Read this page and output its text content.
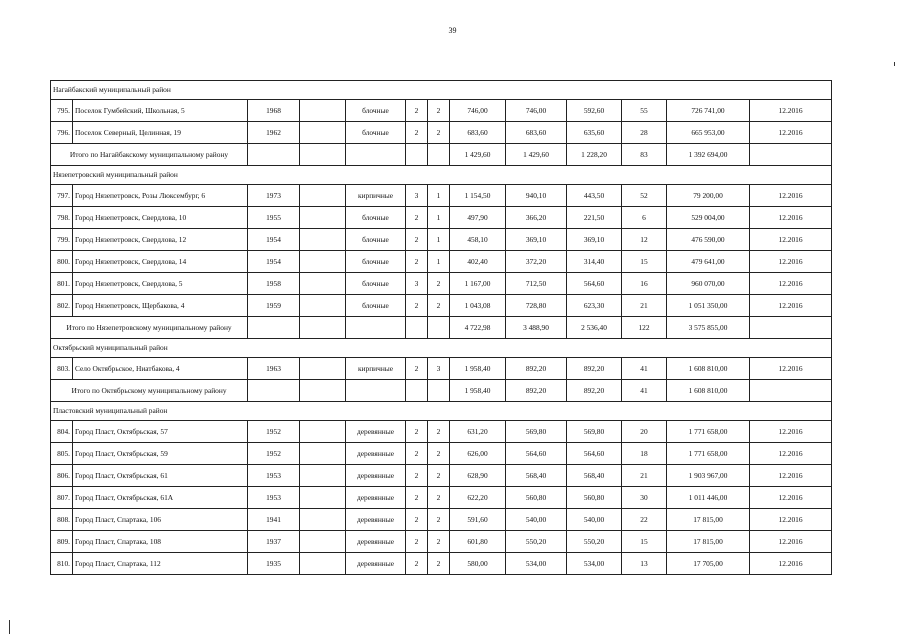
39
Нагайбакский муниципальный район												
795.	Поселок Гумбейский, Школьная, 5	1968		блочные	2	2	746,00	746,00	592,60	55	726 741,00	12.2016
796.	Поселок Северный, Целинная, 19	1962		блочные	2	2	683,60	683,60	635,60	28	665 953,00	12.2016
Итого по Нагайбакскому муниципальному району							1 429,60	1 429,60	1 228,20	83	1 392 694,00	
Нязепетровский муниципальный район												
797.	Город Нязепетровск, Розы Люксембург, 6	1973		кирпичные	3	1	1 154,50	940,10	443,50	52	79 200,00	12.2016
798.	Город Нязепетровск, Свердлова, 10	1955		блочные	2	1	497,90	366,20	221,50	6	529 004,00	12.2016
799.	Город Нязепетровск, Свердлова, 12	1954		блочные	2	1	458,10	369,10	369,10	12	476 590,00	12.2016
800.	Город Нязепетровск, Свердлова, 14	1954		блочные	2	1	402,40	372,20	314,40	15	479 641,00	12.2016
801.	Город Нязепетровск, Свердлова, 5	1958		блочные	3	2	1 167,00	712,50	564,60	16	960 070,00	12.2016
802.	Город Нязепетровск, Щербакова, 4	1959		блочные	2	2	1 043,08	728,80	623,30	21	1 051 350,00	12.2016
Итого по Нязепетровскому муниципальному району							4 722,98	3 488,90	2 536,40	122	3 575 855,00	
Октябрьский муниципальный район												
803.	Село Октябрьское, Ниатбакова, 4	1963		кирпичные	2	3	1 958,40	892,20	892,20	41	1 608 810,00	12.2016
Итого по Октябрьскому муниципальному району							1 958,40	892,20	892,20	41	1 608 810,00	
Пластовский муниципальный район												
804.	Город Пласт, Октябрьская, 57	1952		деревянные	2	2	631,20	569,80	569,80	20	1 771 658,00	12.2016
805.	Город Пласт, Октябрьская, 59	1952		деревянные	2	2	626,00	564,60	564,60	18	1 771 658,00	12.2016
806.	Город Пласт, Октябрьская, 61	1953		деревянные	2	2	628,90	568,40	568,40	21	1 903 967,00	12.2016
807.	Город Пласт, Октябрьская, 61А	1953		деревянные	2	2	622,20	560,80	560,80	30	1 011 446,00	12.2016
808.	Город Пласт, Спартака, 106	1941		деревянные	2	2	591,60	540,00	540,00	22	17 815,00	12.2016
809.	Город Пласт, Спартака, 108	1937		деревянные	2	2	601,80	550,20	550,20	15	17 815,00	12.2016
810.	Город Пласт, Спартака, 112	1935		деревянные	2	2	580,00	534,00	534,00	13	17 705,00	12.2016
